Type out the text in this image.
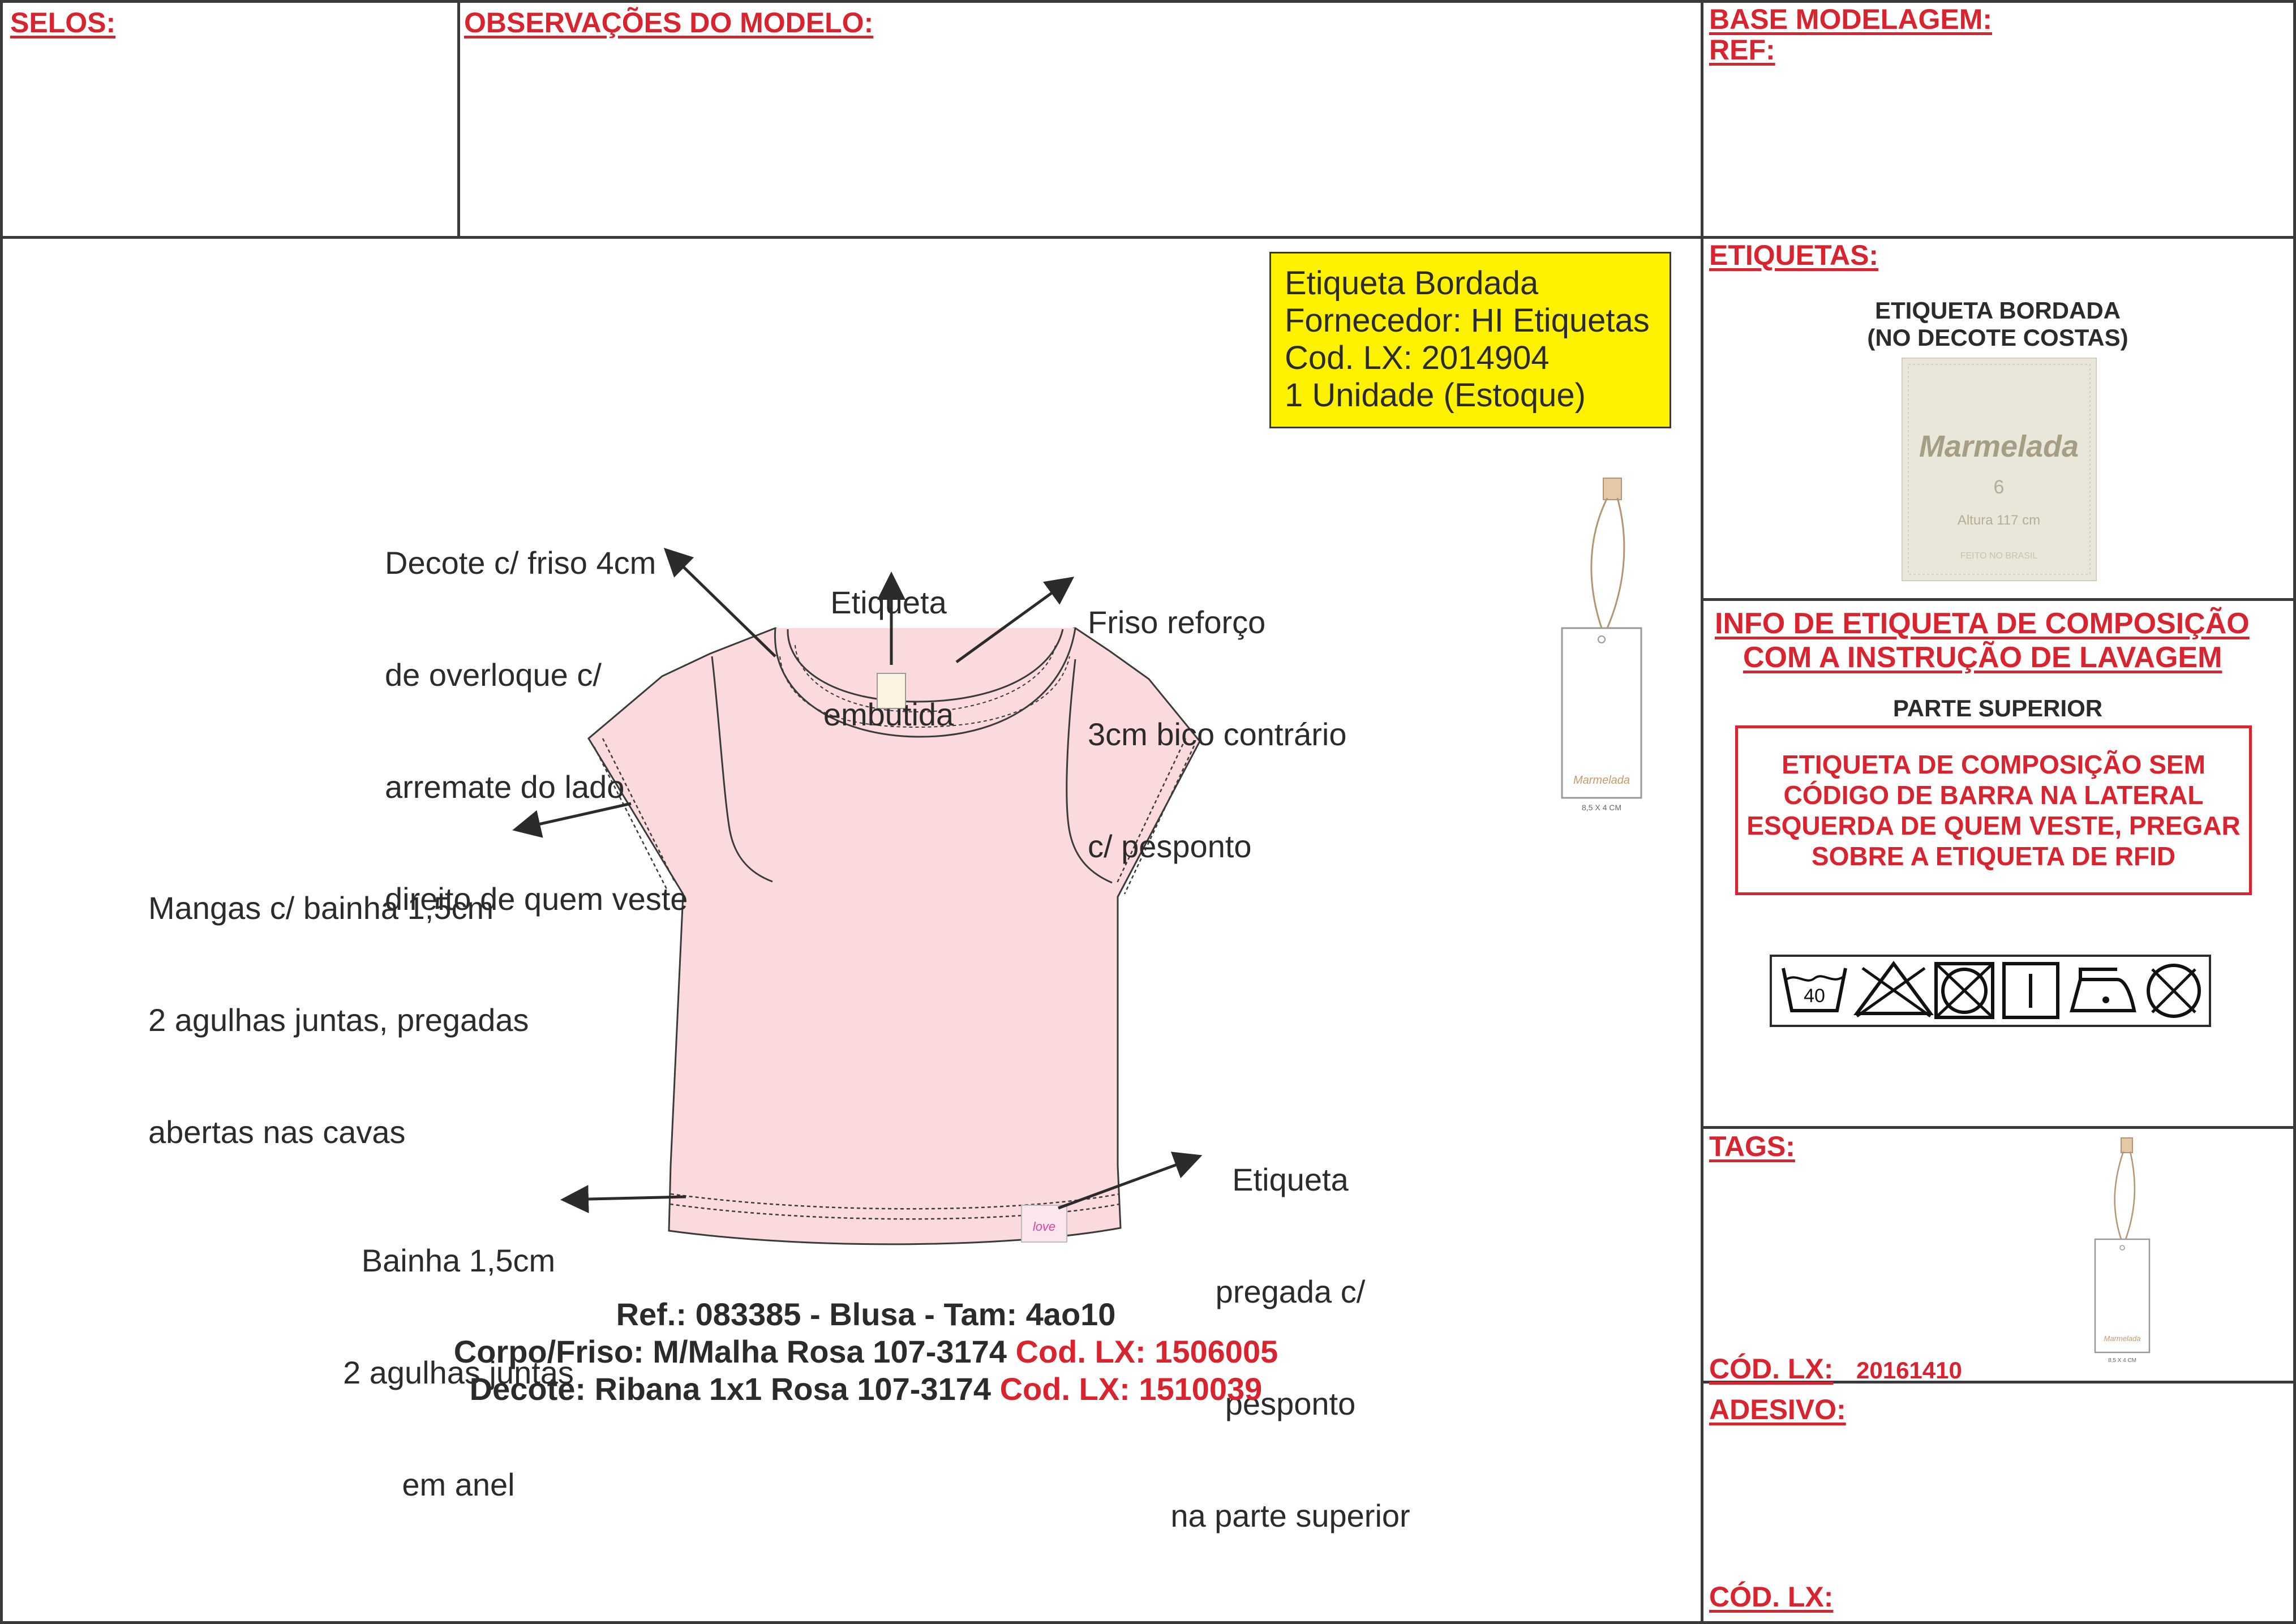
SELOS:	OBSERVAÇÕES DO MODELO:	BASE MODELAGEM:
REF:
Etiqueta Bordada
Fornecedor: HI Etiquetas
Cod. LX: 2014904
1 Unidade (Estoque)
love

Decote c/ friso 4cm

de overloque c/

arremate do lado

direito de quem veste

Etiqueta

embutida

Friso reforço

3cm bico contrário

c/ pesponto

Mangas c/ bainha 1,5cm

2 agulhas juntas, pregadas

abertas nas cavas

Bainha 1,5cm

2 agulhas juntas

em anel

Etiqueta

pregada c/

pesponto

na parte superior

Ref.: 083385 - Blusa - Tam: 4ao10
Corpo/Friso: M/Malha Rosa 107-3174 Cod. LX: 1506005
Decote: Ribana 1x1 Rosa 107-3174 Cod. LX: 1510039
Marmelada
8,5 X 4 CM
ETIQUETAS:
ETIQUETA BORDADA
(NO DECOTE COSTAS)
Marmelada
6
Altura 117 cm
FEITO NO BRASIL
INFO DE ETIQUETA DE COMPOSIÇÃO
COM A INSTRUÇÃO DE LAVAGEM
PARTE SUPERIOR
ETIQUETA DE COMPOSIÇÃO SEM
CÓDIGO DE BARRA NA LATERAL
ESQUERDA DE QUEM VESTE, PREGAR
SOBRE A ETIQUETA DE RFID
40
TAGS:
Marmelada
8,5 X 4 CM
CÓD. LX: 20161410
ADESIVO:
CÓD. LX:
